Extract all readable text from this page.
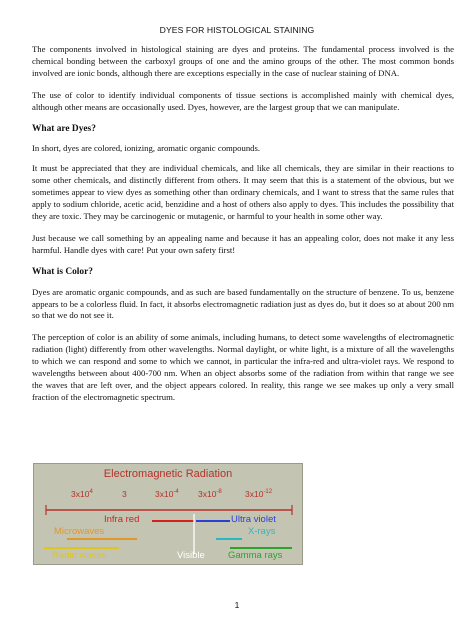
DYES FOR HISTOLOGICAL STAINING

The components involved in histological staining are dyes and proteins. The fundamental process involved is the chemical bonding between the carboxyl groups of one and the amino groups of the other. The most common bonds involved are ionic bonds, although there are exceptions especially in the case of nuclear staining of DNA.

The use of color to identify individual components of tissue sections is accomplished mainly with chemical dyes, although other means are occasionally used. Dyes, however, are the largest group that we can manipulate.

What are Dyes?

In short, dyes are colored, ionizing, aromatic organic compounds.

It must be appreciated that they are individual chemicals, and like all chemicals, they are similar in their reactions to some other chemicals, and distinctly different from others. It may seem that this is a statement of the obvious, but we sometimes appear to view dyes as something other than ordinary chemicals, and I want to stress that the same rules that apply to sodium chloride, acetic acid, benzidine and a host of others also apply to dyes. This includes the possibility that they are toxic. They may be carcinogenic or mutagenic, or harmful to your health in some other way.

Just because we call something by an appealing name and because it has an appealing color, does not make it any less harmful. Handle dyes with care! Put your own safety first!

What is Color?

Dyes are aromatic organic compounds, and as such are based fundamentally on the structure of benzene. To us, benzene appears to be a colorless fluid. In fact, it absorbs electromagnetic radiation just as dyes do, but it does so at about 200 nm so that we do not see it.

The perception of color is an ability of some animals, including humans, to detect some wavelengths of electromagnetic radiation (light) differently from other wavelengths. Normal daylight, or white light, is a mixture of all the wavelengths to which we can respond and some to which we cannot, in particular the infra-red and ultra-violet rays. We respond to wavelengths between about 400-700 nm. When an object absorbs some of the radiation from within that range we see the waves that are left over, and the object appears colored. In reality, this range we see makes up only a very small fraction of the electromagnetic spectrum.

Electromagnetic Radiation
$3x10^4$	3	$3x10^{-4}$ $3x10^{-8}$	$3x10^{-12}$
Infra red	Ultra violet
Microwaves	X-rays
Radio waves	Visible Gamma rays
1
